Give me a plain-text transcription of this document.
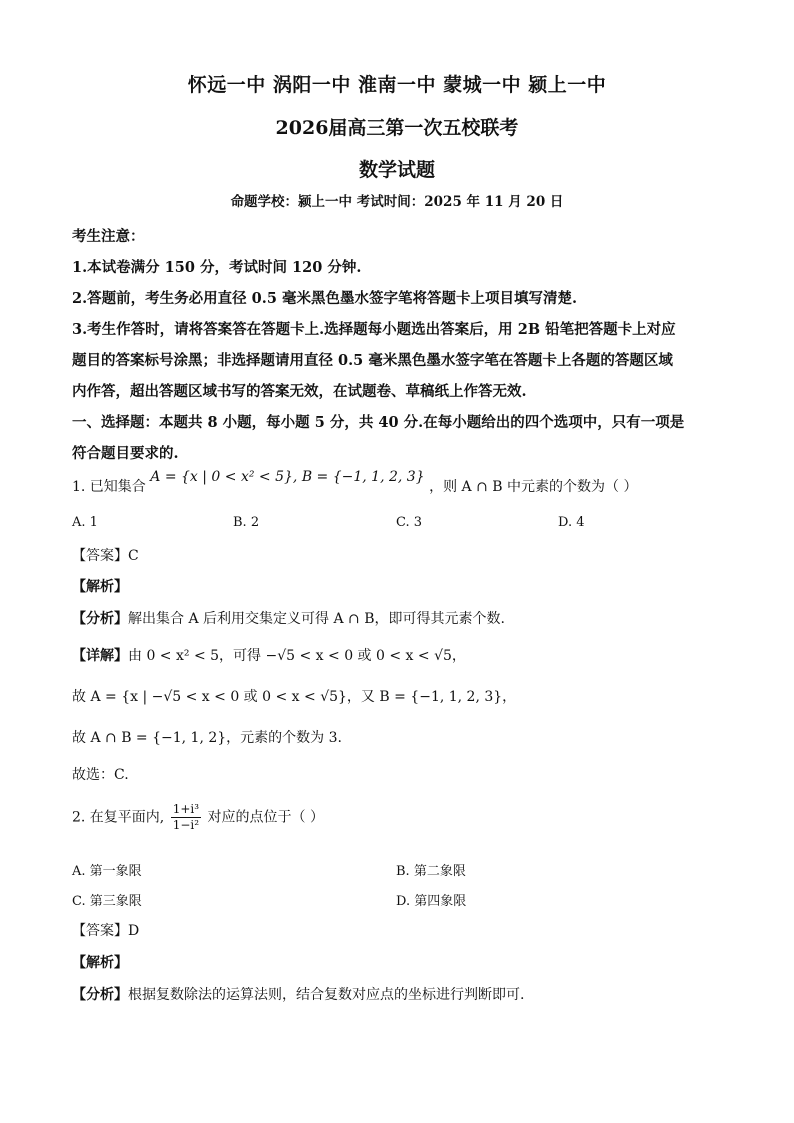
怀远一中 涡阳一中 淮南一中 蒙城一中 颍上一中
2026届高三第一次五校联考
数学试题
命题学校：颍上一中 考试时间：2025 年 11 月 20 日
考生注意：
1.本试卷满分 150 分，考试时间 120 分钟.
2.答题前，考生务必用直径 0.5 毫米黑色墨水签字笔将答题卡上项目填写清楚.
3.考生作答时，请将答案答在答题卡上.选择题每小题选出答案后，用 2B 铅笔把答题卡上对应
题目的答案标号涂黑；非选择题请用直径 0.5 毫米黑色墨水签字笔在答题卡上各题的答题区域
内作答，超出答题区域书写的答案无效，在试题卷、草稿纸上作答无效.
一、选择题：本题共 8 小题，每小题 5 分，共 40 分.在每小题给出的四个选项中，只有一项是
符合题目要求的.
1. 已知集合 A = {x | 0 < x² < 5}, B = {−1, 1, 2, 3} ，则 A ∩ B 中元素的个数为（ ）
A. 1	B. 2	C. 3	D. 4
【答案】C
【解析】
【分析】解出集合 A 后利用交集定义可得 A ∩ B，即可得其元素个数.
【详解】由 0 < x² < 5，可得 −√5 < x < 0 或 0 < x < √5，
故 A = {x | −√5 < x < 0 或 0 < x < √5}，又 B = {−1, 1, 2, 3}，
故 A ∩ B = {−1, 1, 2}，元素的个数为 3.
故选：C.
2. 在复平面内, $\frac{\text{1+i³}}{\text{1−i²}}$ 对应的点位于（ ）
A. 第一象限	B. 第二象限
C. 第三象限	D. 第四象限
【答案】D
【解析】
【分析】根据复数除法的运算法则，结合复数对应点的坐标进行判断即可.
